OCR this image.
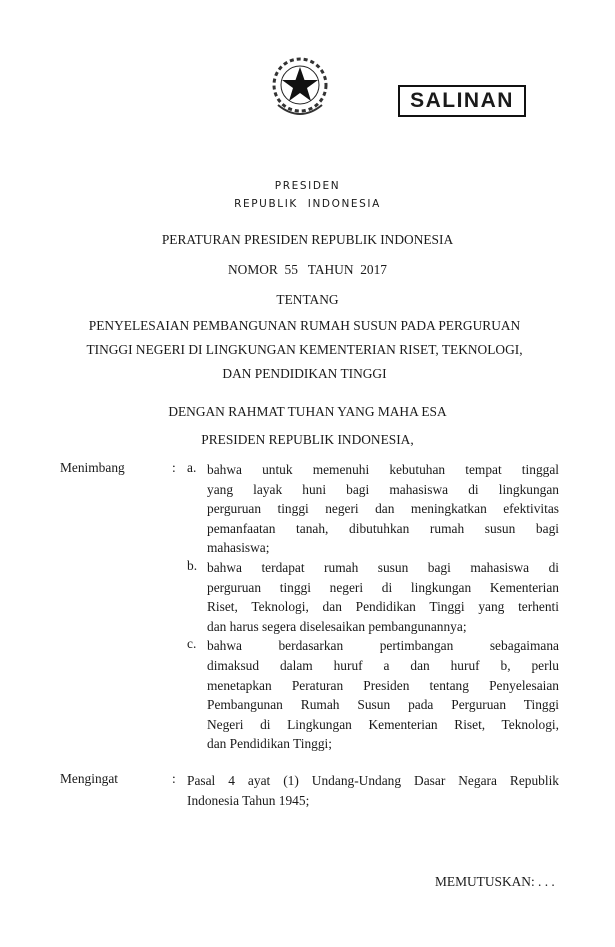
SALINAN
PRESIDEN
REPUBLIK  INDONESIA
PERATURAN PRESIDEN REPUBLIK INDONESIA
NOMOR  55   TAHUN  2017
TENTANG
PENYELESAIAN PEMBANGUNAN RUMAH SUSUN PADA PERGURUAN
TINGGI NEGERI DI LINGKUNGAN KEMENTERIAN RISET, TEKNOLOGI,
DAN PENDIDIKAN TINGGI
DENGAN RAHMAT TUHAN YANG MAHA ESA
PRESIDEN REPUBLIK INDONESIA,
Menimbang	: a. bahwa untuk memenuhi kebutuhan tempat tinggal
yang layak huni bagi mahasiswa di lingkungan
perguruan tinggi negeri dan meningkatkan efektivitas
pemanfaatan tanah, dibutuhkan rumah susun bagi
mahasiswa;
b. bahwa terdapat rumah susun bagi mahasiswa di
perguruan tinggi negeri di lingkungan Kementerian
Riset, Teknologi, dan Pendidikan Tinggi yang terhenti
dan harus segera diselesaikan pembangunannya;
c. bahwa berdasarkan pertimbangan sebagaimana
dimaksud dalam huruf a dan huruf b, perlu
menetapkan Peraturan Presiden tentang Penyelesaian
Pembangunan Rumah Susun pada Perguruan Tinggi
Negeri di Lingkungan Kementerian Riset, Teknologi,
dan Pendidikan Tinggi;
Mengingat	: Pasal 4 ayat (1) Undang-Undang Dasar Negara Republik
Indonesia Tahun 1945;
MEMUTUSKAN: . . .
